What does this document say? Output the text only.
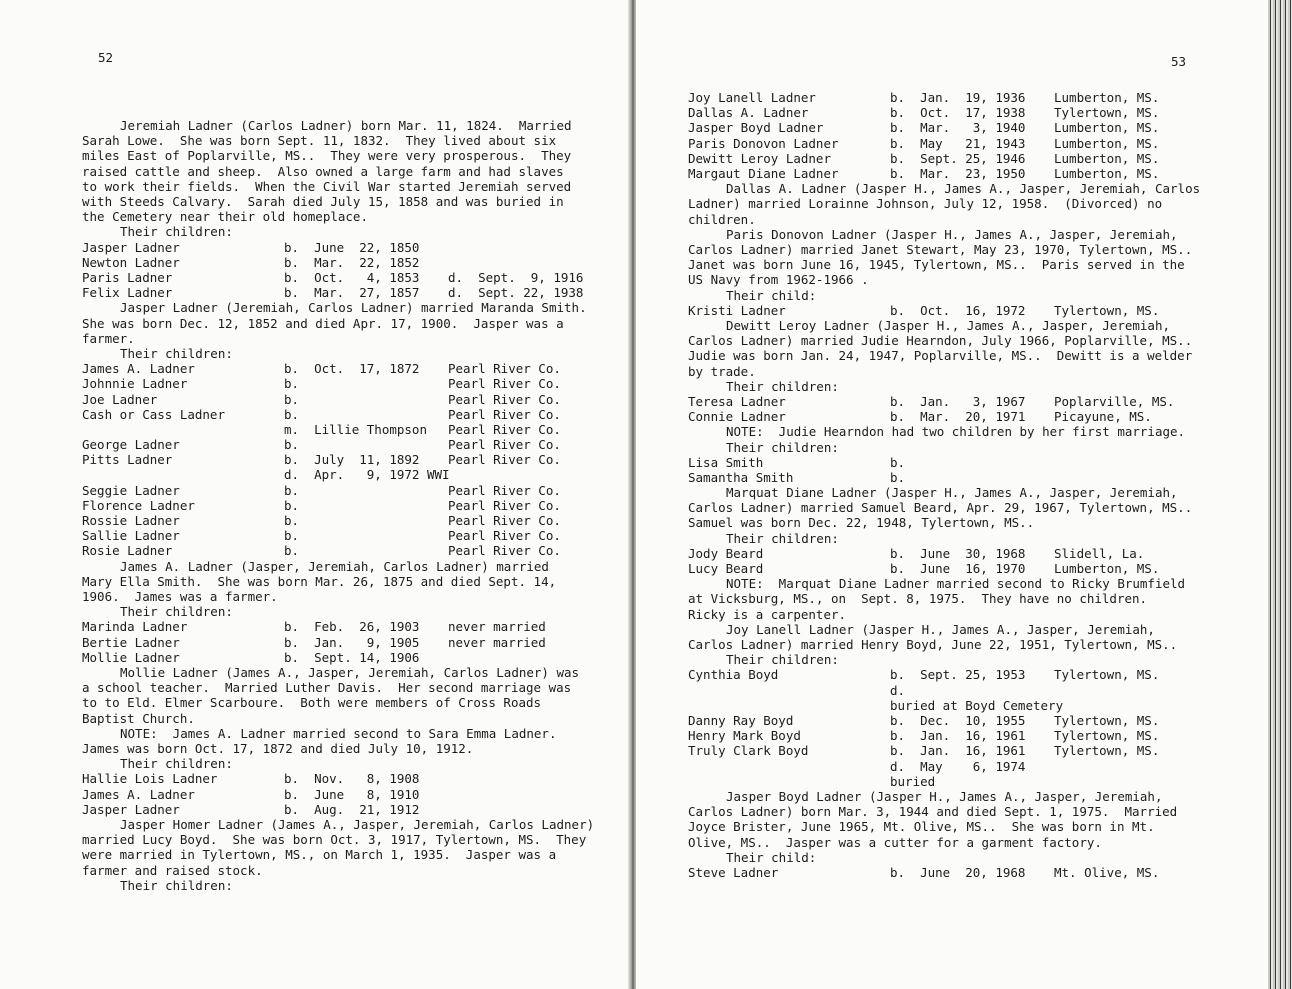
52
Jeremiah Ladner (Carlos Ladner) born Mar. 11, 1824.  Married
Sarah Lowe.  She was born Sept. 11, 1832.  They lived about six
miles East of Poplarville, MS..  They were very prosperous.  They
raised cattle and sheep.  Also owned a large farm and had slaves
to work their fields.  When the Civil War started Jeremiah served
with Steeds Calvary.  Sarah died July 15, 1858 and was buried in
the Cemetery near their old homeplace.
Their children:
Jasper Ladner	b.  June  22, 1850
Newton Ladner	b.  Mar.  22, 1852
Paris Ladner	b.  Oct.   4, 1853 d.  Sept.  9, 1916
Felix Ladner	b.  Mar.  27, 1857 d.  Sept. 22, 1938
Jasper Ladner (Jeremiah, Carlos Ladner) married Maranda Smith.
She was born Dec. 12, 1852 and died Apr. 17, 1900.  Jasper was a
farmer.
Their children:
James A. Ladner	b.  Oct.  17, 1872 Pearl River Co.
Johnnie Ladner	b.	Pearl River Co.
Joe Ladner	b.	Pearl River Co.
Cash or Cass Ladner	b.	Pearl River Co.
m.  Lillie Thompson Pearl River Co.
George Ladner	b.	Pearl River Co.
Pitts Ladner	b.  July  11, 1892 Pearl River Co.
d.  Apr.   9, 1972 WWI
Seggie Ladner	b.	Pearl River Co.
Florence Ladner	b.	Pearl River Co.
Rossie Ladner	b.	Pearl River Co.
Sallie Ladner	b.	Pearl River Co.
Rosie Ladner	b.	Pearl River Co.
James A. Ladner (Jasper, Jeremiah, Carlos Ladner) married
Mary Ella Smith.  She was born Mar. 26, 1875 and died Sept. 14,
1906.  James was a farmer.
Their children:
Marinda Ladner	b.  Feb.  26, 1903 never married
Bertie Ladner	b.  Jan.   9, 1905 never married
Mollie Ladner	b.  Sept. 14, 1906
Mollie Ladner (James A., Jasper, Jeremiah, Carlos Ladner) was
a school teacher.  Married Luther Davis.  Her second marriage was
to to Eld. Elmer Scarboure.  Both were members of Cross Roads
Baptist Church.
NOTE:  James A. Ladner married second to Sara Emma Ladner.
James was born Oct. 17, 1872 and died July 10, 1912.
Their children:
Hallie Lois Ladner	b.  Nov.   8, 1908
James A. Ladner	b.  June   8, 1910
Jasper Ladner	b.  Aug.  21, 1912
Jasper Homer Ladner (James A., Jasper, Jeremiah, Carlos Ladner)
married Lucy Boyd.  She was born Oct. 3, 1917, Tylertown, MS.  They
were married in Tylertown, MS., on March 1, 1935.  Jasper was a
farmer and raised stock.
Their children:
53
Joy Lanell Ladner	b.  Jan.  19, 1936 Lumberton, MS.
Dallas A. Ladner	b.  Oct.  17, 1938 Tylertown, MS.
Jasper Boyd Ladner	b.  Mar.   3, 1940 Lumberton, MS.
Paris Donovon Ladner	b.  May   21, 1943 Lumberton, MS.
Dewitt Leroy Ladner	b.  Sept. 25, 1946 Lumberton, MS.
Margaut Diane Ladner	b.  Mar.  23, 1950 Lumberton, MS.
Dallas A. Ladner (Jasper H., James A., Jasper, Jeremiah, Carlos
Ladner) married Lorainne Johnson, July 12, 1958.  (Divorced) no
children.
Paris Donovon Ladner (Jasper H., James A., Jasper, Jeremiah,
Carlos Ladner) married Janet Stewart, May 23, 1970, Tylertown, MS..
Janet was born June 16, 1945, Tylertown, MS..  Paris served in the
US Navy from 1962-1966 .
Their child:
Kristi Ladner	b.  Oct.  16, 1972 Tylertown, MS.
Dewitt Leroy Ladner (Jasper H., James A., Jasper, Jeremiah,
Carlos Ladner) married Judie Hearndon, July 1966, Poplarville, MS..
Judie was born Jan. 24, 1947, Poplarville, MS..  Dewitt is a welder
by trade.
Their children:
Teresa Ladner	b.  Jan.   3, 1967 Poplarville, MS.
Connie Ladner	b.  Mar.  20, 1971 Picayune, MS.
NOTE:  Judie Hearndon had two children by her first marriage.
Their children:
Lisa Smith	b.
Samantha Smith	b.
Marquat Diane Ladner (Jasper H., James A., Jasper, Jeremiah,
Carlos Ladner) married Samuel Beard, Apr. 29, 1967, Tylertown, MS..
Samuel was born Dec. 22, 1948, Tylertown, MS..
Their children:
Jody Beard	b.  June  30, 1968 Slidell, La.
Lucy Beard	b.  June  16, 1970 Lumberton, MS.
NOTE:  Marquat Diane Ladner married second to Ricky Brumfield
at Vicksburg, MS., on  Sept. 8, 1975.  They have no children.
Ricky is a carpenter.
Joy Lanell Ladner (Jasper H., James A., Jasper, Jeremiah,
Carlos Ladner) married Henry Boyd, June 22, 1951, Tylertown, MS..
Their children:
Cynthia Boyd	b.  Sept. 25, 1953 Tylertown, MS.
d.
buried at Boyd Cemetery
Danny Ray Boyd	b.  Dec.  10, 1955 Tylertown, MS.
Henry Mark Boyd	b.  Jan.  16, 1961 Tylertown, MS.
Truly Clark Boyd	b.  Jan.  16, 1961 Tylertown, MS.
d.  May    6, 1974
buried
Jasper Boyd Ladner (Jasper H., James A., Jasper, Jeremiah,
Carlos Ladner) born Mar. 3, 1944 and died Sept. 1, 1975.  Married
Joyce Brister, June 1965, Mt. Olive, MS..  She was born in Mt.
Olive, MS..  Jasper was a cutter for a garment factory.
Their child:
Steve Ladner	b.  June  20, 1968 Mt. Olive, MS.
